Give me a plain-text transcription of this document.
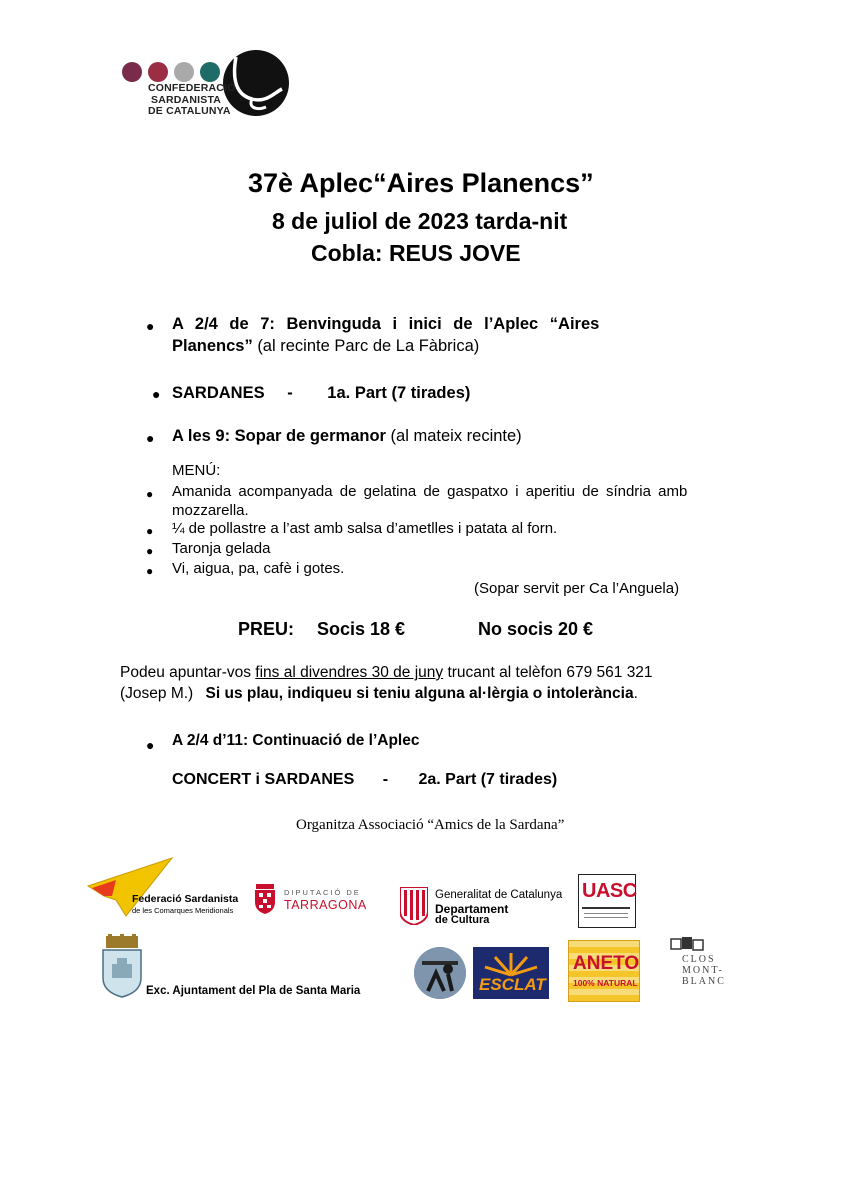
CONFEDERACIÓ
SARDANISTA
DE CATALUNYA
37è Aplec“Aires Planencs”
8 de juliol de 2023 tarda-nit
Cobla: REUS JOVE
● A 2/4 de 7: Benvinguda i inici de l’Aplec “Aires
Planencs” (al recinte Parc de La Fàbrica)
● SARDANES - 1a. Part (7 tirades)
● A les 9: Sopar de germanor (al mateix recinte)
MENÚ:
● Amanida acompanyada de gelatina de gaspatxo i aperitiu de síndria amb
mozzarella.
● ¼ de pollastre a l’ast amb salsa d’ametlles i patata al forn.
● Taronja gelada
● Vi, aigua, pa, cafè i gotes.
(Sopar servit per Ca l’Anguela)
PREU: Socis 18 €	No socis 20 €
Podeu apuntar-vos fins al divendres 30 de juny trucant al telèfon 679 561 321
(Josep M.) Si us plau, indiqueu si teniu alguna al·lèrgia o intolerància.
● A 2/4 d’11: Continuació de l’Aplec
CONCERT i SARDANES - 2a. Part (7 tirades)
Organitza Associació “Amics de la Sardana”
Federació Sardanista
de les Comarques Meridionals
DIPUTACIÓ DE
TARRAGONA
Generalitat de Catalunya
Departament
de Cultura
UASC
Exc. Ajuntament del Pla de Santa Maria	ESCLAT
ANETO
100% NATURAL
CLOS
MONT-
BLANC
